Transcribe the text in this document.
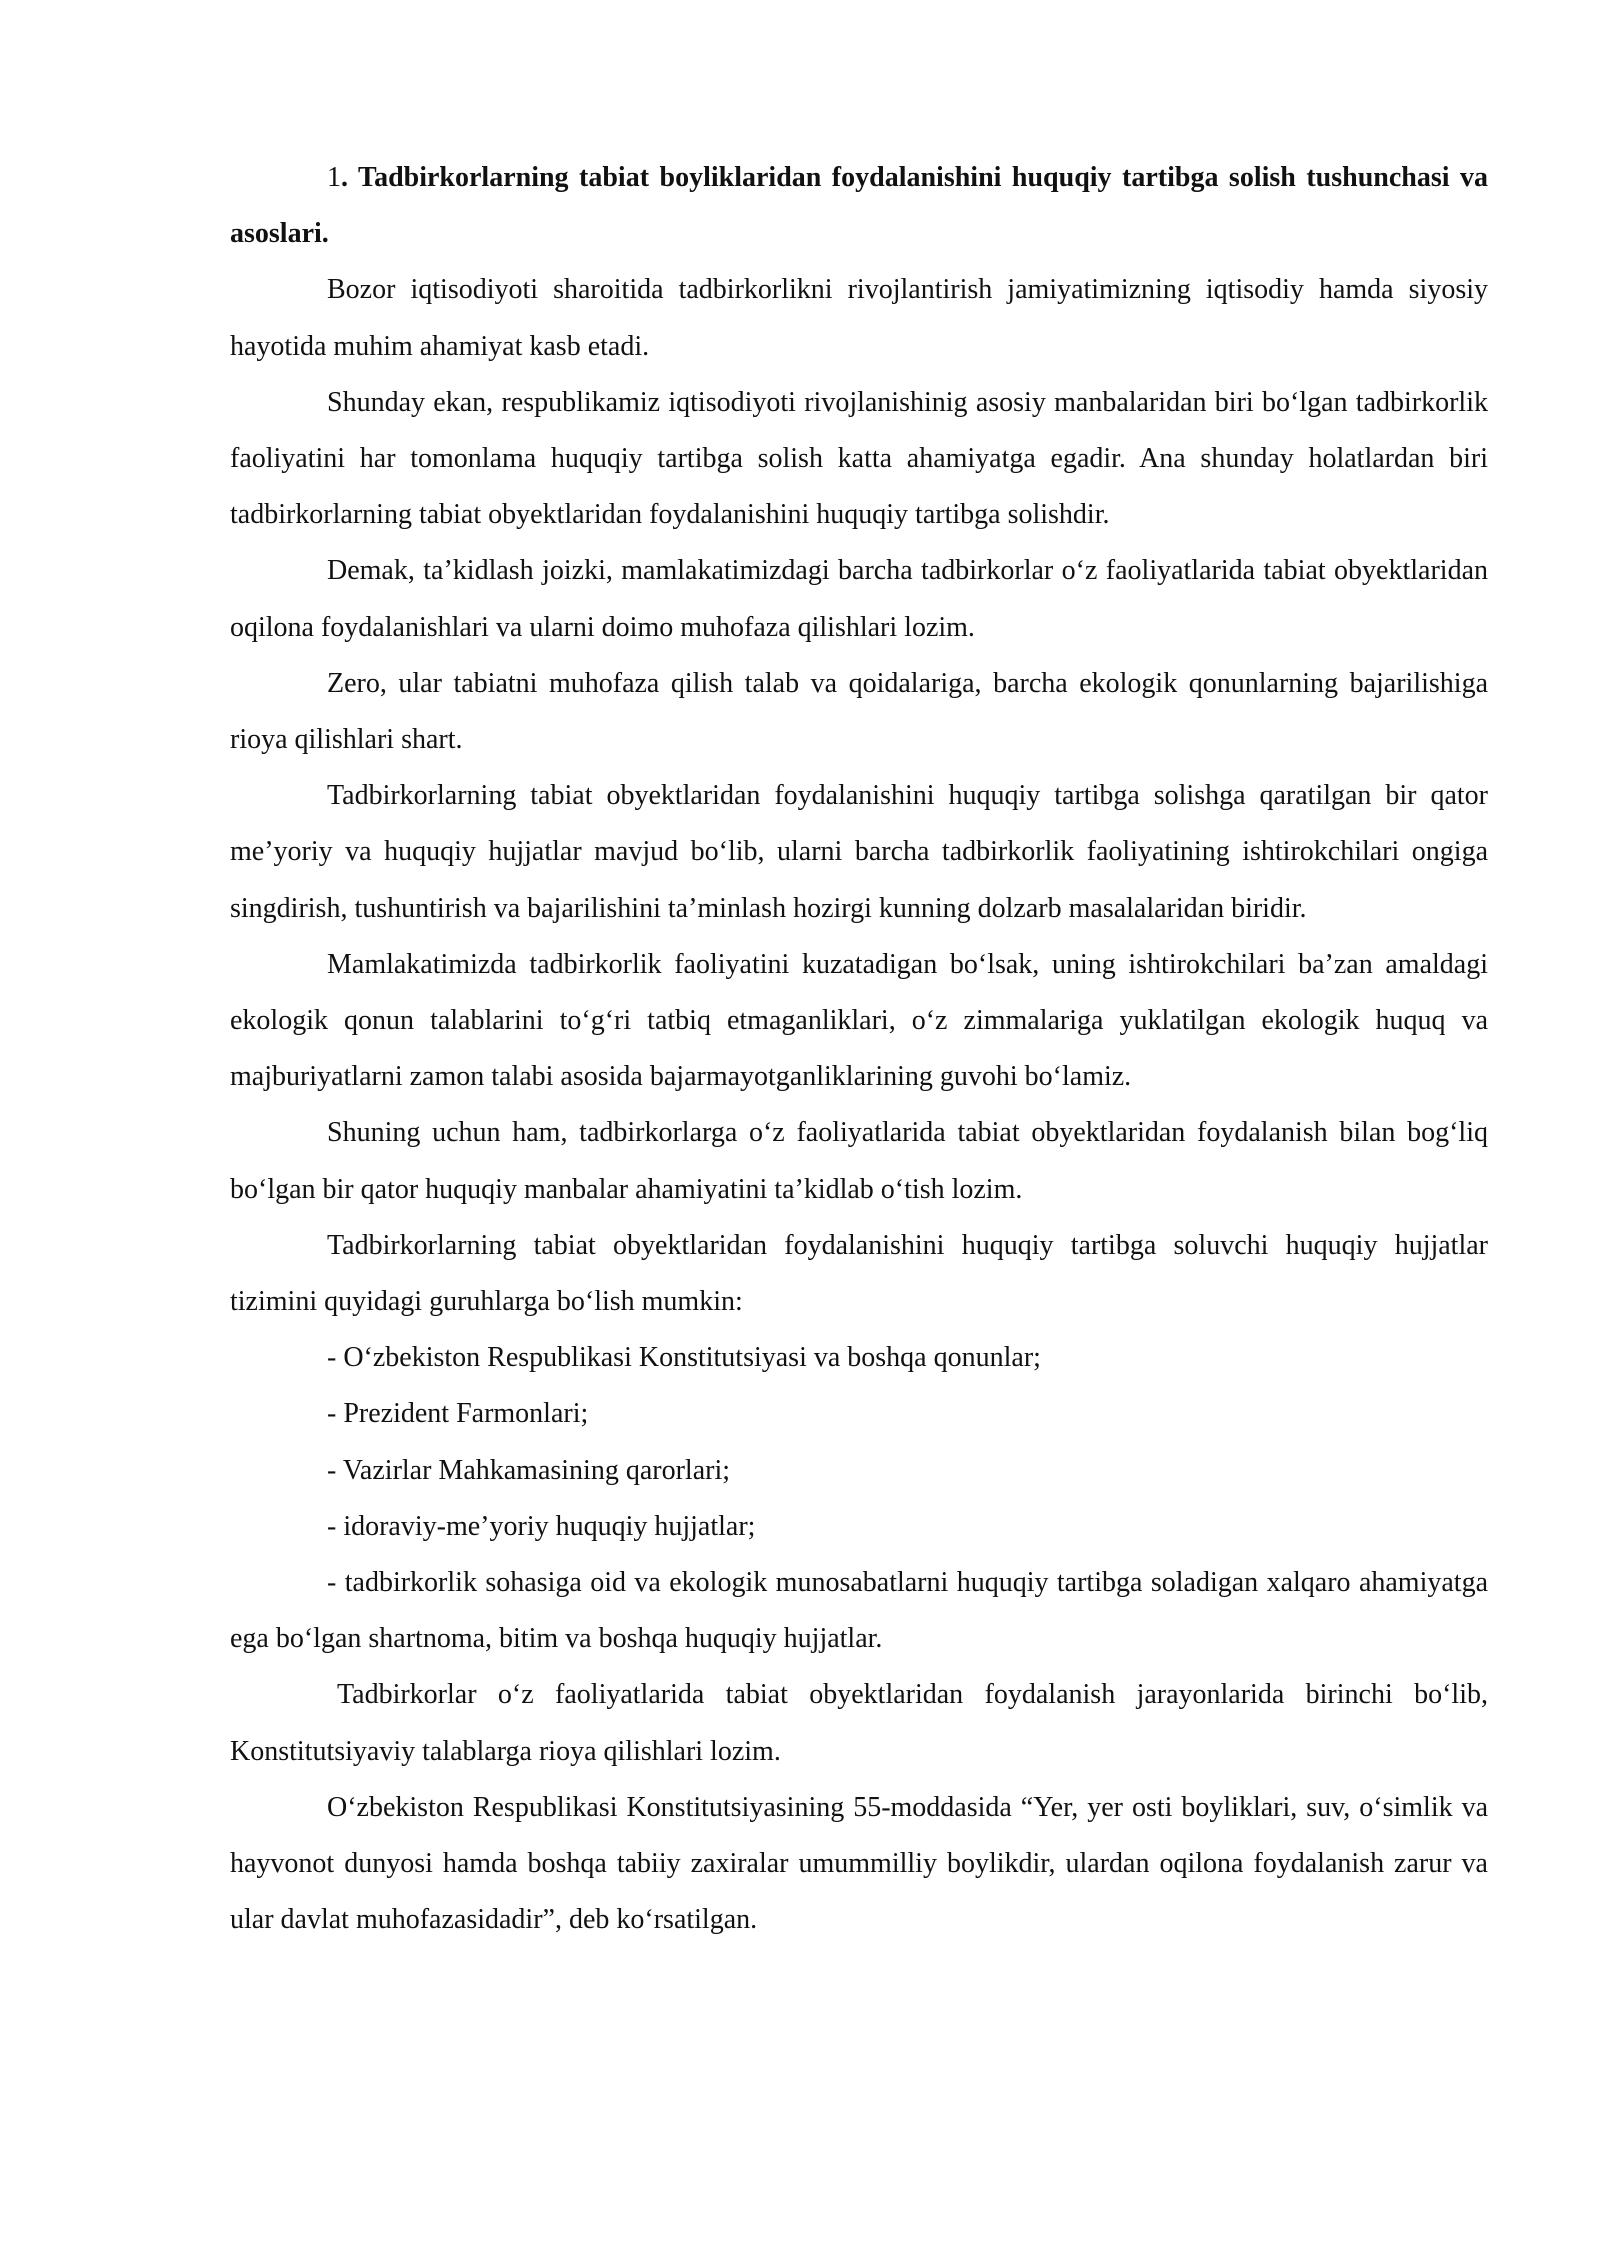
1. Tadbirkorlarning tabiat boyliklaridan foydalanishini huquqiy tartibga solish tushunchasi va asoslari.

Bozor iqtisodiyoti sharoitida tadbirkorlikni rivojlantirish jamiyatimizning iqtisodiy hamda siyosiy hayotida muhim ahamiyat kasb etadi.

Shunday ekan, respublikamiz iqtisodiyoti rivojlanishinig asosiy manbalaridan biri bo‘lgan tadbirkorlik faoliyatini har tomonlama huquqiy tartibga solish katta ahamiyatga egadir. Ana shunday holatlardan biri tadbirkorlarning tabiat obyektlaridan foydalanishini huquqiy tartibga solishdir.

Demak, ta’kidlash joizki, mamlakatimizdagi barcha tadbirkorlar o‘z faoliyatlarida tabiat obyektlaridan oqilona foydalanishlari va ularni doimo muhofaza qilishlari lozim.

Zero, ular tabiatni muhofaza qilish talab va qoidalariga, barcha ekologik qonunlarning bajarilishiga rioya qilishlari shart.

Tadbirkorlarning tabiat obyektlaridan foydalanishini huquqiy tartibga solishga qaratilgan bir qator me’yoriy va huquqiy hujjatlar mavjud bo‘lib, ularni barcha tadbirkorlik faoliyatining ishtirokchilari ongiga singdirish, tushuntirish va bajarilishini ta’minlash hozirgi kunning dolzarb masalalaridan biridir.

Mamlakatimizda tadbirkorlik faoliyatini kuzatadigan bo‘lsak, uning ishtirokchilari ba’zan amaldagi ekologik qonun talablarini to‘g‘ri tatbiq etmaganliklari, o‘z zimmalariga yuklatilgan ekologik huquq va majburiyatlarni zamon talabi asosida bajarmayotganliklarining guvohi bo‘lamiz.

Shuning uchun ham, tadbirkorlarga o‘z faoliyatlarida tabiat obyektlaridan foydalanish bilan bog‘liq bo‘lgan bir qator huquqiy manbalar ahamiyatini ta’kidlab o‘tish lozim.

Tadbirkorlarning tabiat obyektlaridan foydalanishini huquqiy tartibga soluvchi huquqiy hujjatlar tizimini quyidagi guruhlarga bo‘lish mumkin:

- O‘zbekiston Respublikasi Konstitutsiyasi va boshqa qonunlar;

- Prezident Farmonlari;

- Vazirlar Mahkamasining qarorlari;

- idoraviy-me’yoriy huquqiy hujjatlar;

- tadbirkorlik sohasiga oid va ekologik munosabatlarni huquqiy tartibga soladigan xalqaro ahamiyatga ega bo‘lgan shartnoma, bitim va boshqa huquqiy hujjatlar.

Tadbirkorlar o‘z faoliyatlarida tabiat obyektlaridan foydalanish jarayonlarida birinchi bo‘lib, Konstitutsiyaviy talablarga rioya qilishlari lozim.

O‘zbekiston Respublikasi Konstitutsiyasining 55-moddasida “Yer, yer osti boyliklari, suv, o‘simlik va hayvonot dunyosi hamda boshqa tabiiy zaxiralar umummilliy boylikdir, ulardan oqilona foydalanish zarur va ular davlat muhofazasidadir”, deb ko‘rsatilgan.
